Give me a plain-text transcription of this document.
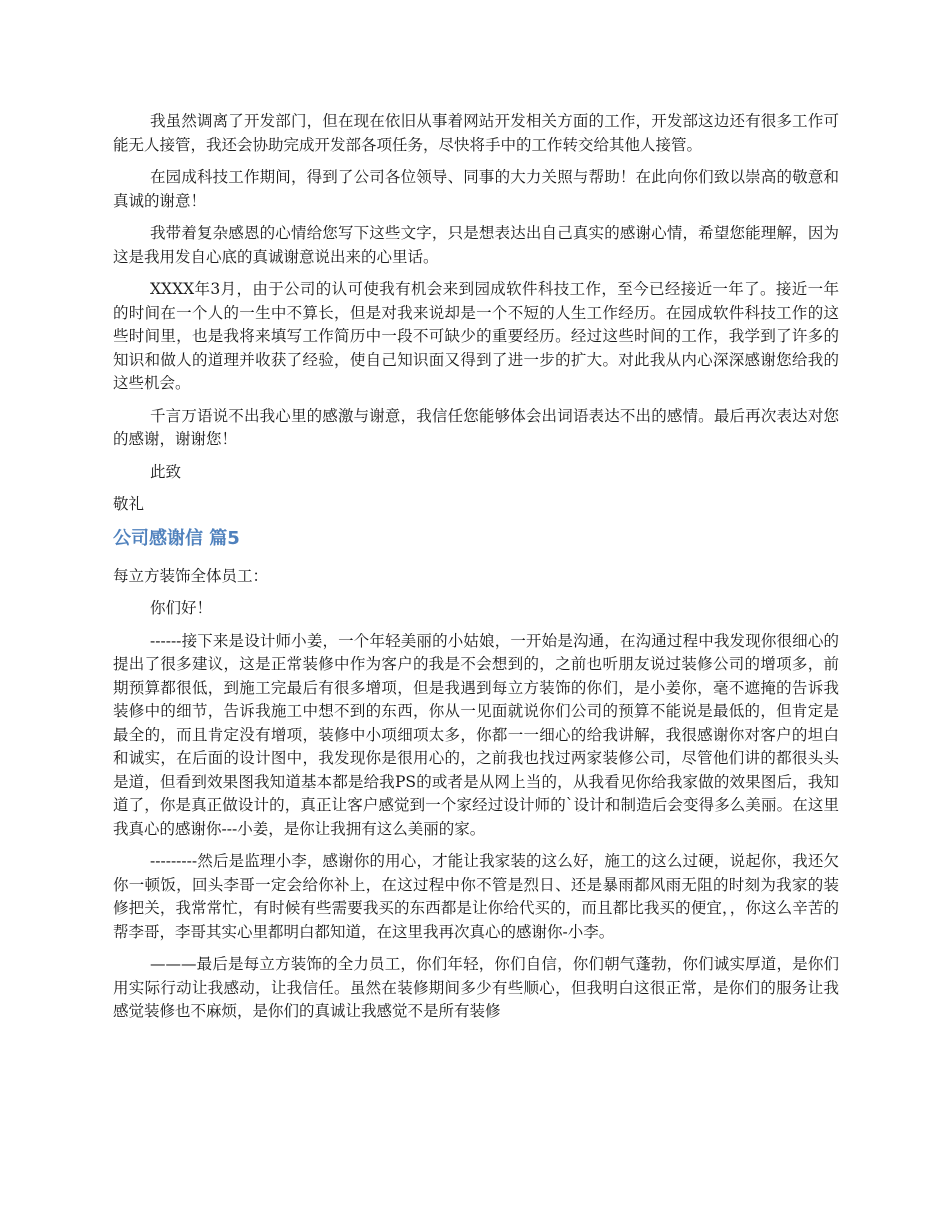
我虽然调离了开发部门，但在现在依旧从事着网站开发相关方面的工作，开发部这边还有很多工作可能无人接管，我还会协助完成开发部各项任务，尽快将手中的工作转交给其他人接管。

在园成科技工作期间，得到了公司各位领导、同事的大力关照与帮助！在此向你们致以崇高的敬意和真诚的谢意！

我带着复杂感恩的心情给您写下这些文字，只是想表达出自己真实的感谢心情，希望您能理解，因为这是我用发自心底的真诚谢意说出来的心里话。

XXXX年3月，由于公司的认可使我有机会来到园成软件科技工作，至今已经接近一年了。接近一年的时间在一个人的一生中不算长，但是对我来说却是一个不短的人生工作经历。在园成软件科技工作的这些时间里，也是我将来填写工作简历中一段不可缺少的重要经历。经过这些时间的工作，我学到了许多的知识和做人的道理并收获了经验，使自己知识面又得到了进一步的扩大。对此我从内心深深感谢您给我的这些机会。

千言万语说不出我心里的感激与谢意，我信任您能够体会出词语表达不出的感情。最后再次表达对您的感谢，谢谢您！

此致

敬礼

公司感谢信 篇5

每立方装饰全体员工：

你们好！

------接下来是设计师小姜，一个年轻美丽的小姑娘，一开始是沟通，在沟通过程中我发现你很细心的提出了很多建议，这是正常装修中作为客户的我是不会想到的，之前也听朋友说过装修公司的增项多，前期预算都很低，到施工完最后有很多增项，但是我遇到每立方装饰的你们，是小姜你，毫不遮掩的告诉我装修中的细节，告诉我施工中想不到的东西，你从一见面就说你们公司的预算不能说是最低的，但肯定是最全的，而且肯定没有增项，装修中小项细项太多，你都一一细心的给我讲解，我很感谢你对客户的坦白和诚实，在后面的设计图中，我发现你是很用心的，之前我也找过两家装修公司，尽管他们讲的都很头头是道，但看到效果图我知道基本都是给我PS的或者是从网上当的，从我看见你给我家做的效果图后，我知道了，你是真正做设计的，真正让客户感觉到一个家经过设计师的`设计和制造后会变得多么美丽。在这里我真心的感谢你---小姜，是你让我拥有这么美丽的家。

---------然后是监理小李，感谢你的用心，才能让我家装的这么好，施工的这么过硬，说起你，我还欠你一顿饭，回头李哥一定会给你补上，在这过程中你不管是烈日、还是暴雨都风雨无阻的时刻为我家的装修把关，我常常忙，有时候有些需要我买的东西都是让你给代买的，而且都比我买的便宜，，你这么辛苦的帮李哥，李哥其实心里都明白都知道，在这里我再次真心的感谢你-小李。

———最后是每立方装饰的全力员工，你们年轻，你们自信，你们朝气蓬勃，你们诚实厚道，是你们用实际行动让我感动，让我信任。虽然在装修期间多少有些顺心，但我明白这很正常，是你们的服务让我感觉装修也不麻烦，是你们的真诚让我感觉不是所有装修
